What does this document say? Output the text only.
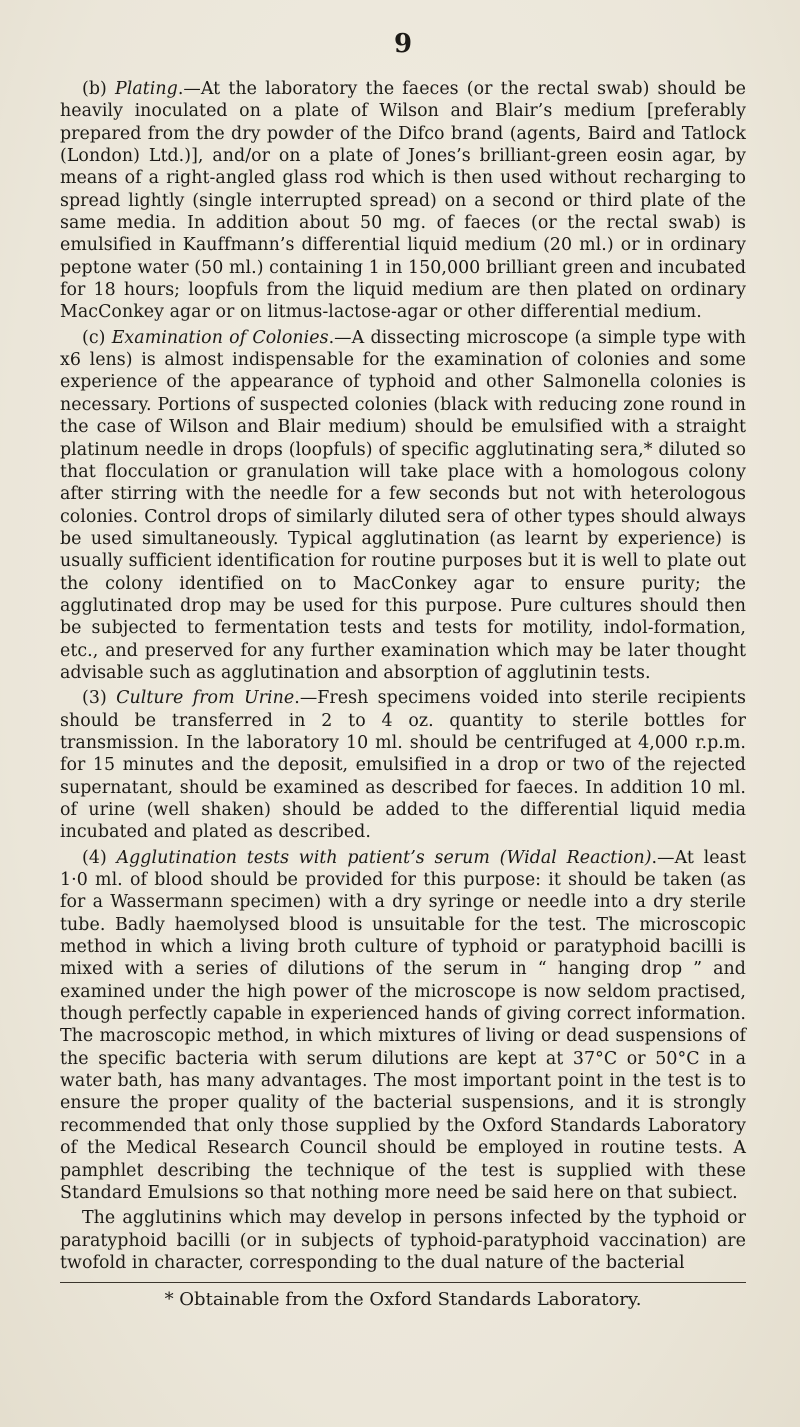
9

(b) Plating.—At the laboratory the faeces (or the rectal swab) should be heavily inoculated on a plate of Wilson and Blair’s medium [preferably prepared from the dry powder of the Difco brand (agents, Baird and Tatlock (London) Ltd.)], and/or on a plate of Jones’s brilliant-green eosin agar, by means of a right-angled glass rod which is then used without recharging to spread lightly (single interrupted spread) on a second or third plate of the same media. In addition about 50 mg. of faeces (or the rectal swab) is emulsified in Kauffmann’s differential liquid medium (20 ml.) or in ordinary peptone water (50 ml.) containing 1 in 150,000 brilliant green and incubated for 18 hours; loopfuls from the liquid medium are then plated on ordinary MacConkey agar or on litmus-lactose-agar or other differential medium.

(c) Examination of Colonies.—A dissecting microscope (a simple type with x6 lens) is almost indispensable for the examination of colonies and some experience of the appearance of typhoid and other Salmonella colonies is necessary. Portions of suspected colonies (black with reducing zone round in the case of Wilson and Blair medium) should be emulsified with a straight platinum needle in drops (loopfuls) of specific agglutinating sera,* diluted so that flocculation or granulation will take place with a homologous colony after stirring with the needle for a few seconds but not with heterologous colonies. Control drops of similarly diluted sera of other types should always be used simultaneously. Typical agglutination (as learnt by experience) is usually sufficient identification for routine purposes but it is well to plate out the colony identified on to MacConkey agar to ensure purity; the agglutinated drop may be used for this purpose. Pure cultures should then be subjected to fermentation tests and tests for motility, indol-formation, etc., and preserved for any further examination which may be later thought advisable such as agglutination and absorption of agglutinin tests.

(3) Culture from Urine.—Fresh specimens voided into sterile recipients should be transferred in 2 to 4 oz. quantity to sterile bottles for transmission. In the laboratory 10 ml. should be centrifuged at 4,000 r.p.m. for 15 minutes and the deposit, emulsified in a drop or two of the rejected supernatant, should be examined as described for faeces. In addition 10 ml. of urine (well shaken) should be added to the differential liquid media incubated and plated as described.

(4) Agglutination tests with patient’s serum (Widal Reaction).—At least 1·0 ml. of blood should be provided for this purpose: it should be taken (as for a Wassermann specimen) with a dry syringe or needle into a dry sterile tube. Badly haemolysed blood is unsuitable for the test. The microscopic method in which a living broth culture of typhoid or paratyphoid bacilli is mixed with a series of dilutions of the serum in “ hanging drop ” and examined under the high power of the microscope is now seldom practised, though perfectly capable in experienced hands of giving correct information. The macroscopic method, in which mixtures of living or dead suspensions of the specific bacteria with serum dilutions are kept at 37°C or 50°C in a water bath, has many advantages. The most important point in the test is to ensure the proper quality of the bacterial suspensions, and it is strongly recommended that only those supplied by the Oxford Standards Laboratory of the Medical Research Council should be employed in routine tests. A pamphlet describing the technique of the test is supplied with these Standard Emulsions so that nothing more need be said here on that subiect.

The agglutinins which may develop in persons infected by the typhoid or paratyphoid bacilli (or in subjects of typhoid-paratyphoid vaccination) are twofold in character, corresponding to the dual nature of the bacterial

* Obtainable from the Oxford Standards Laboratory.
